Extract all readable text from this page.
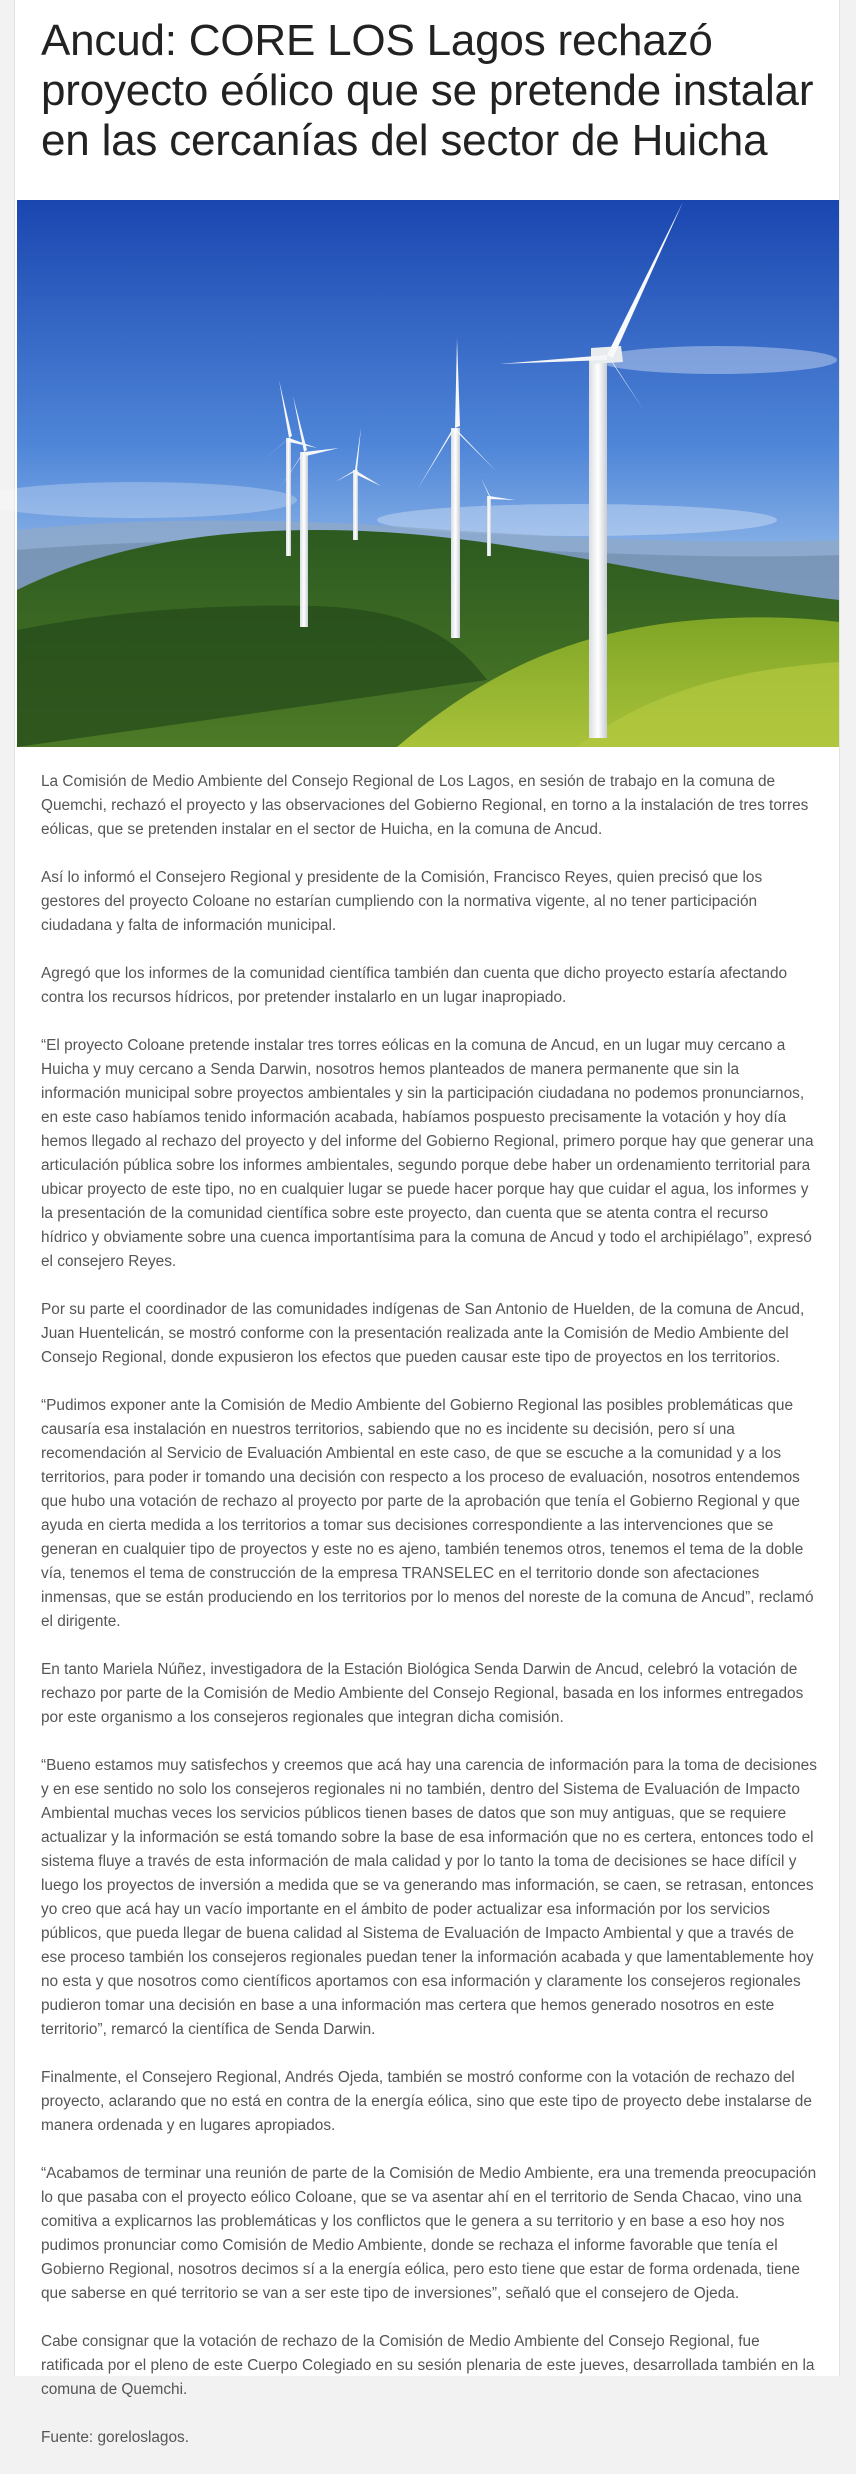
Ancud: CORE LOS Lagos rechazó proyecto eólico que se pretende instalar en las cercanías del sector de Huicha

La Comisión de Medio Ambiente del Consejo Regional de Los Lagos, en sesión de trabajo en la comuna de Quemchi, rechazó el proyecto y las observaciones del Gobierno Regional, en torno a la instalación de tres torres eólicas, que se pretenden instalar en el sector de Huicha, en la comuna de Ancud.

Así lo informó el Consejero Regional y presidente de la Comisión, Francisco Reyes, quien precisó que los gestores del proyecto Coloane no estarían cumpliendo con la normativa vigente, al no tener participación ciudadana y falta de información municipal.

Agregó que los informes de la comunidad científica también dan cuenta que dicho proyecto estaría afectando contra los recursos hídricos, por pretender instalarlo en un lugar inapropiado.

“El proyecto Coloane pretende instalar tres torres eólicas en la comuna de Ancud, en un lugar muy cercano a Huicha y muy cercano a Senda Darwin, nosotros hemos planteados de manera permanente que sin la información municipal sobre proyectos ambientales y sin la participación ciudadana no podemos pronunciarnos, en este caso habíamos tenido información acabada, habíamos pospuesto precisamente la votación y hoy día hemos llegado al rechazo del proyecto y del informe del Gobierno Regional, primero porque hay que generar una articulación pública sobre los informes ambientales, segundo porque debe haber un ordenamiento territorial para ubicar proyecto de este tipo, no en cualquier lugar se puede hacer porque hay que cuidar el agua, los informes y la presentación de la comunidad científica sobre este proyecto, dan cuenta que se atenta contra el recurso hídrico y obviamente sobre una cuenca importantísima para la comuna de Ancud y todo el archipiélago”, expresó el consejero Reyes.

Por su parte el coordinador de las comunidades indígenas de San Antonio de Huelden, de la comuna de Ancud, Juan Huentelicán, se mostró conforme con la presentación realizada ante la Comisión de Medio Ambiente del Consejo Regional, donde expusieron los efectos que pueden causar este tipo de proyectos en los territorios.

“Pudimos exponer ante la Comisión de Medio Ambiente del Gobierno Regional las posibles problemáticas que causaría esa instalación en nuestros territorios, sabiendo que no es incidente su decisión, pero sí una recomendación al Servicio de Evaluación Ambiental en este caso, de que se escuche a la comunidad y a los territorios, para poder ir tomando una decisión con respecto a los proceso de evaluación, nosotros entendemos que hubo una votación de rechazo al proyecto por parte de la aprobación que tenía el Gobierno Regional y que ayuda en cierta medida a los territorios a tomar sus decisiones correspondiente a las intervenciones que se generan en cualquier tipo de proyectos y este no es ajeno, también tenemos otros, tenemos el tema de la doble vía, tenemos el tema de construcción de la empresa TRANSELEC en el territorio donde son afectaciones inmensas, que se están produciendo en los territorios por lo menos del noreste de la comuna de Ancud”, reclamó el dirigente.

En tanto Mariela Núñez, investigadora de la Estación Biológica Senda Darwin de Ancud, celebró la votación de rechazo por parte de la Comisión de Medio Ambiente del Consejo Regional, basada en los informes entregados por este organismo a los consejeros regionales que integran dicha comisión.

“Bueno estamos muy satisfechos y creemos que acá hay una carencia de información para la toma de decisiones y en ese sentido no solo los consejeros regionales ni no también, dentro del Sistema de Evaluación de Impacto Ambiental muchas veces los servicios públicos tienen bases de datos que son muy antiguas, que se requiere actualizar y la información se está tomando sobre la base de esa información que no es certera, entonces todo el sistema fluye a través de esta información de mala calidad y por lo tanto la toma de decisiones se hace difícil y luego los proyectos de inversión a medida que se va generando mas información, se caen, se retrasan, entonces yo creo que acá hay un vacío importante en el ámbito de poder actualizar esa información por los servicios públicos, que pueda llegar de buena calidad al Sistema de Evaluación de Impacto Ambiental y que a través de ese proceso también los consejeros regionales puedan tener la información acabada y que lamentablemente hoy no esta y que nosotros como científicos aportamos con esa información y claramente los consejeros regionales pudieron tomar una decisión en base a una información mas certera que hemos generado nosotros en este territorio”, remarcó la científica de Senda Darwin.

Finalmente, el Consejero Regional, Andrés Ojeda, también se mostró conforme con la votación de rechazo del proyecto, aclarando que no está en contra de la energía eólica, sino que este tipo de proyecto debe instalarse de manera ordenada y en lugares apropiados.

“Acabamos de terminar una reunión de parte de la Comisión de Medio Ambiente, era una tremenda preocupación lo que pasaba con el proyecto eólico Coloane, que se va asentar ahí en el territorio de Senda Chacao, vino una comitiva a explicarnos las problemáticas y los conflictos que le genera a su territorio y en base a eso hoy nos pudimos pronunciar como Comisión de Medio Ambiente, donde se rechaza el informe favorable que tenía el Gobierno Regional, nosotros decimos sí a la energía eólica, pero esto tiene que estar de forma ordenada, tiene que saberse en qué territorio se van a ser este tipo de inversiones”, señaló que el consejero de Ojeda.

Cabe consignar que la votación de rechazo de la Comisión de Medio Ambiente del Consejo Regional, fue ratificada por el pleno de este Cuerpo Colegiado en su sesión plenaria de este jueves, desarrollada también en la comuna de Quemchi.

Fuente: goreloslagos.
